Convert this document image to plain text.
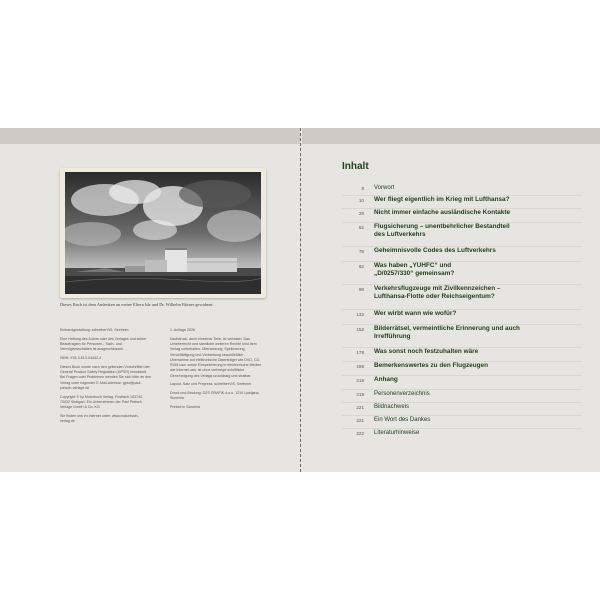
Dieses Buch ist dem Andenken an meine Eltern Ida und Dr. Wilhelm Bittner gewidmet.

Einbandgestaltung: schreiberVIS, Seeheim

Eine Haftung des Autors oder des Verlages und seiner Beauftragten für Personen-, Sach- und Vermögensschäden ist ausgeschlossen.

ISBN: 978-3-613-04432-4

Dieses Buch wurde nach den geltenden Vorschriften der General Product Safety Regulation (GPSR) entwickelt. Bei Fragen oder Problemen wenden Sie sich bitte an den Verlag unter folgender E-Mail-Adresse: gpsr@paul-pietsch-verlage.de

Copyright © by Motorbuch Verlag, Postfach 103743, 70032 Stuttgart. Ein Unternehmen der Paul Pietsch Verlage GmbH & Co. KG

Sie finden uns im Internet unter: www.motorbuch-verlag.de

1. Auflage 2026

Nachdruck, auch einzelner Teile, ist verboten. Das Urheberrecht und sämtliche weiteren Rechte sind dem Verlag vorbehalten. Übersetzung, Speicherung, Vervielfältigung und Verbreitung einschließlich Übernahme auf elektronische Datenträger wie DVD, CD-ROM usw. sowie Einspeicherung in elektronische Medien wie Internet usw. ist ohne vorherige schriftliche Genehmigung des Verlags unzulässig und strafbar.

Layout, Satz und Prepress: schreiberVIS, Seeheim

Druck und Bindung: DZS GRAFIK d.o.o. 1210 Ljubljana, Slovenia

Printed in Slovenia

Inhalt
8 Vorwort
10 Wer fliegt eigentlich im Krieg mit Lufthansa?
28 Nicht immer einfache ausländische Kontakte
52 Flugsicherung – unentbehrlicher Bestandteil des Luftverkehrs
78 Geheimnisvolle Codes des Luftverkehrs
92 Was haben „YUHFC“ und „D/0257/330“ gemeinsam?
98 Verkehrsflugzeuge mit Zivilkennzeichen – Lufthansa-Flotte oder Reichseigentum?
132 Wer wirbt wann wie wofür?
152 Bilderrätsel, vermeintliche Erinnerung und auch Irrefführung
178 Was sonst noch festzuhalten wäre
198 Bemerkenswertes zu den Flugzeugen
218 Anhang
219 Personenverzeichnis
221 Bildnachweis
221 Ein Wort des Dankes
222 Literaturhinweise
